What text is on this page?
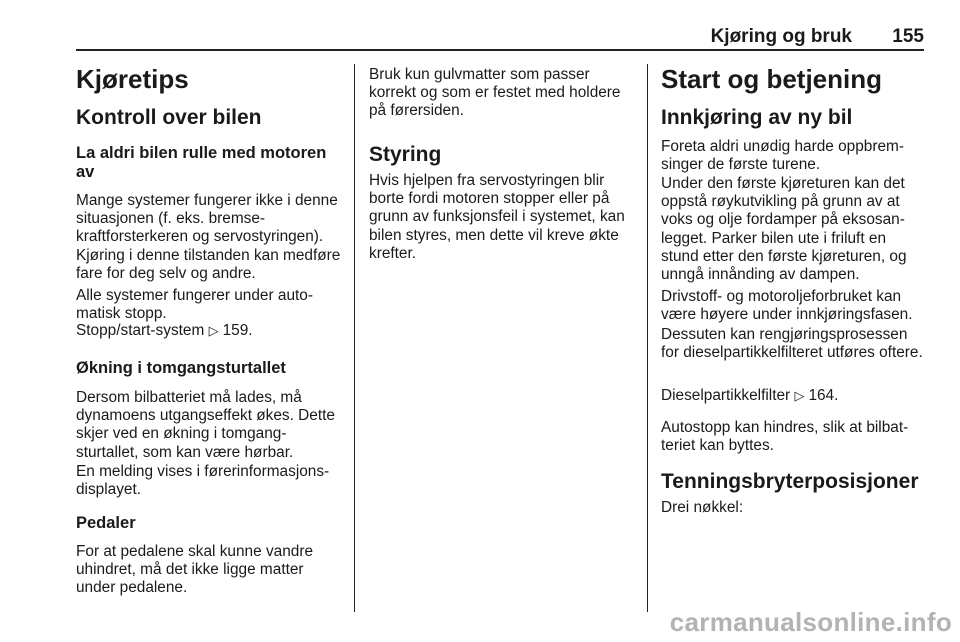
Kjøring og bruk 155
Kjøretips
Kontroll over bilen
La aldri bilen rulle med motoren av

Mange systemer fungerer ikke i denne situasjonen (f. eks. bremse-kraftforsterkeren og servostyringen). Kjøring i denne tilstanden kan medføre fare for deg selv og andre.

Alle systemer fungerer under auto-matisk stopp.

Stopp/start-system ▷ 159.

Økning i tomgangsturtallet

Dersom bilbatteriet må lades, må dynamoens utgangseffekt økes. Dette skjer ved en økning i tomgang-sturtallet, som kan være hørbar.

En melding vises i førerinformasjons-displayet.

Pedaler

For at pedalene skal kunne vandre uhindret, må det ikke ligge matter under pedalene.

Bruk kun gulvmatter som passer korrekt og som er festet med holdere på førersiden.

Styring

Hvis hjelpen fra servostyringen blir borte fordi motoren stopper eller på grunn av funksjonsfeil i systemet, kan bilen styres, men dette vil kreve økte krefter.

Start og betjening
Innkjøring av ny bil

Foreta aldri unødig harde oppbrem-singer de første turene.

Under den første kjøreturen kan det oppstå røykutvikling på grunn av at voks og olje fordamper på eksosan-legget. Parker bilen ute i friluft en stund etter den første kjøreturen, og unngå innånding av dampen.

Drivstoff- og motoroljeforbruket kan være høyere under innkjøringsfasen.

Dessuten kan rengjøringsprosessen for dieselpartikkelfilteret utføres oftere.

Dieselpartikkelfilter ▷ 164.

Autostopp kan hindres, slik at bilbat-teriet kan byttes.

Tenningsbryterposisjoner

Drei nøkkel:

carmanualsonline.info
